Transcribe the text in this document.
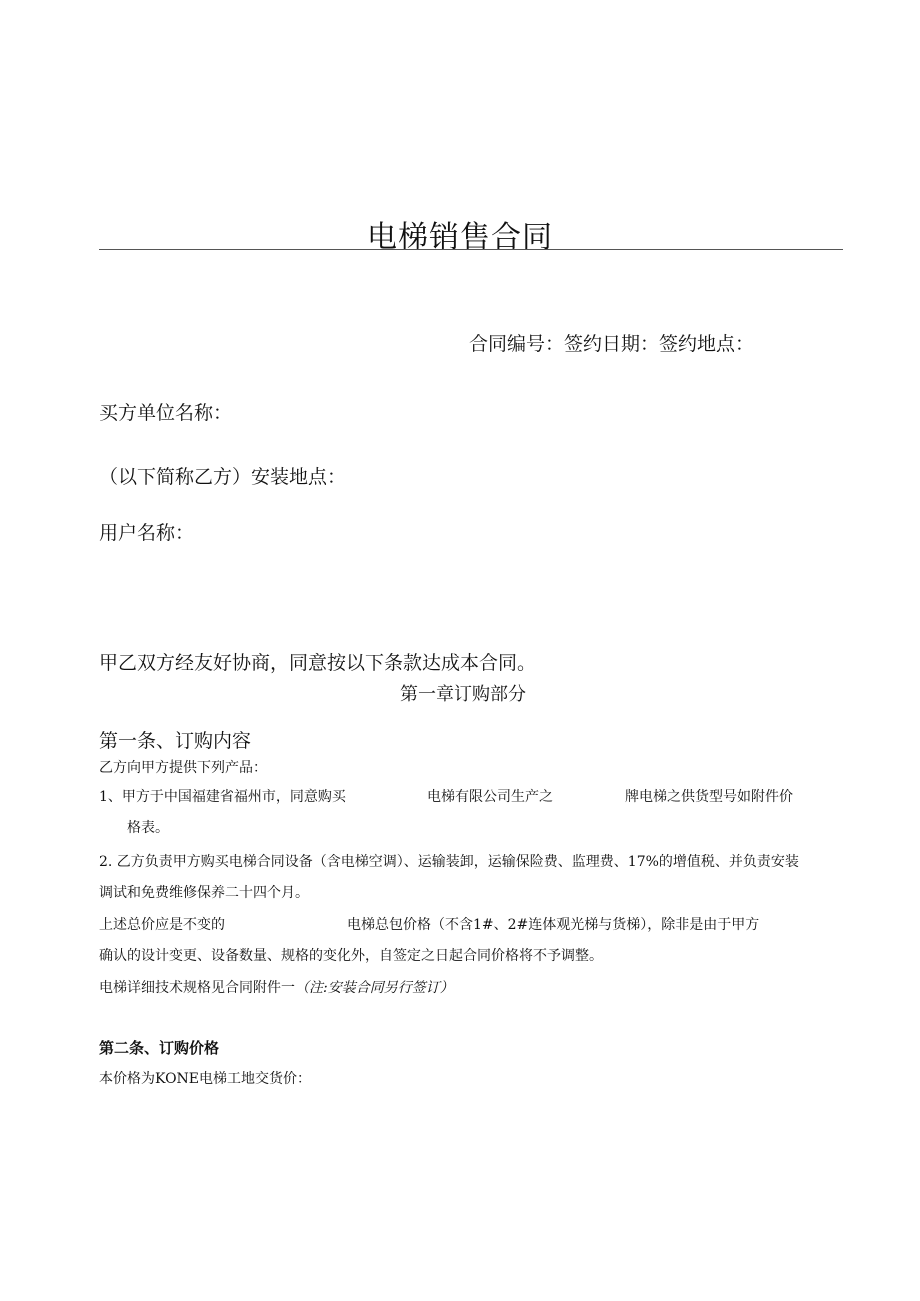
电梯销售合同
合同编号：签约日期：签约地点：
买方单位名称：
（以下简称乙方）安装地点：
用户名称：
甲乙双方经友好协商，同意按以下条款达成本合同。
第一章订购部分
第一条、订购内容
乙方向甲方提供下列产品：
1、甲方于中国福建省福州市，同意购买	电梯有限公司生产之	牌电梯之供货型号如附件价
格表。
2. 乙方负责甲方购买电梯合同设备（含电梯空调）、运输装卸，运输保险费、监理费、17%的增值税、并负责安装
调试和免费维修保养二十四个月。
上述总价应是不变的	电梯总包价格（不含1#、2#连体观光梯与货梯），除非是由于甲方
确认的设计变更、设备数量、规格的变化外，自签定之日起合同价格将不予调整。
电梯详细技术规格见合同附件一（注:安装合同另行签订）
第二条、订购价格
本价格为KONE电梯工地交货价：
